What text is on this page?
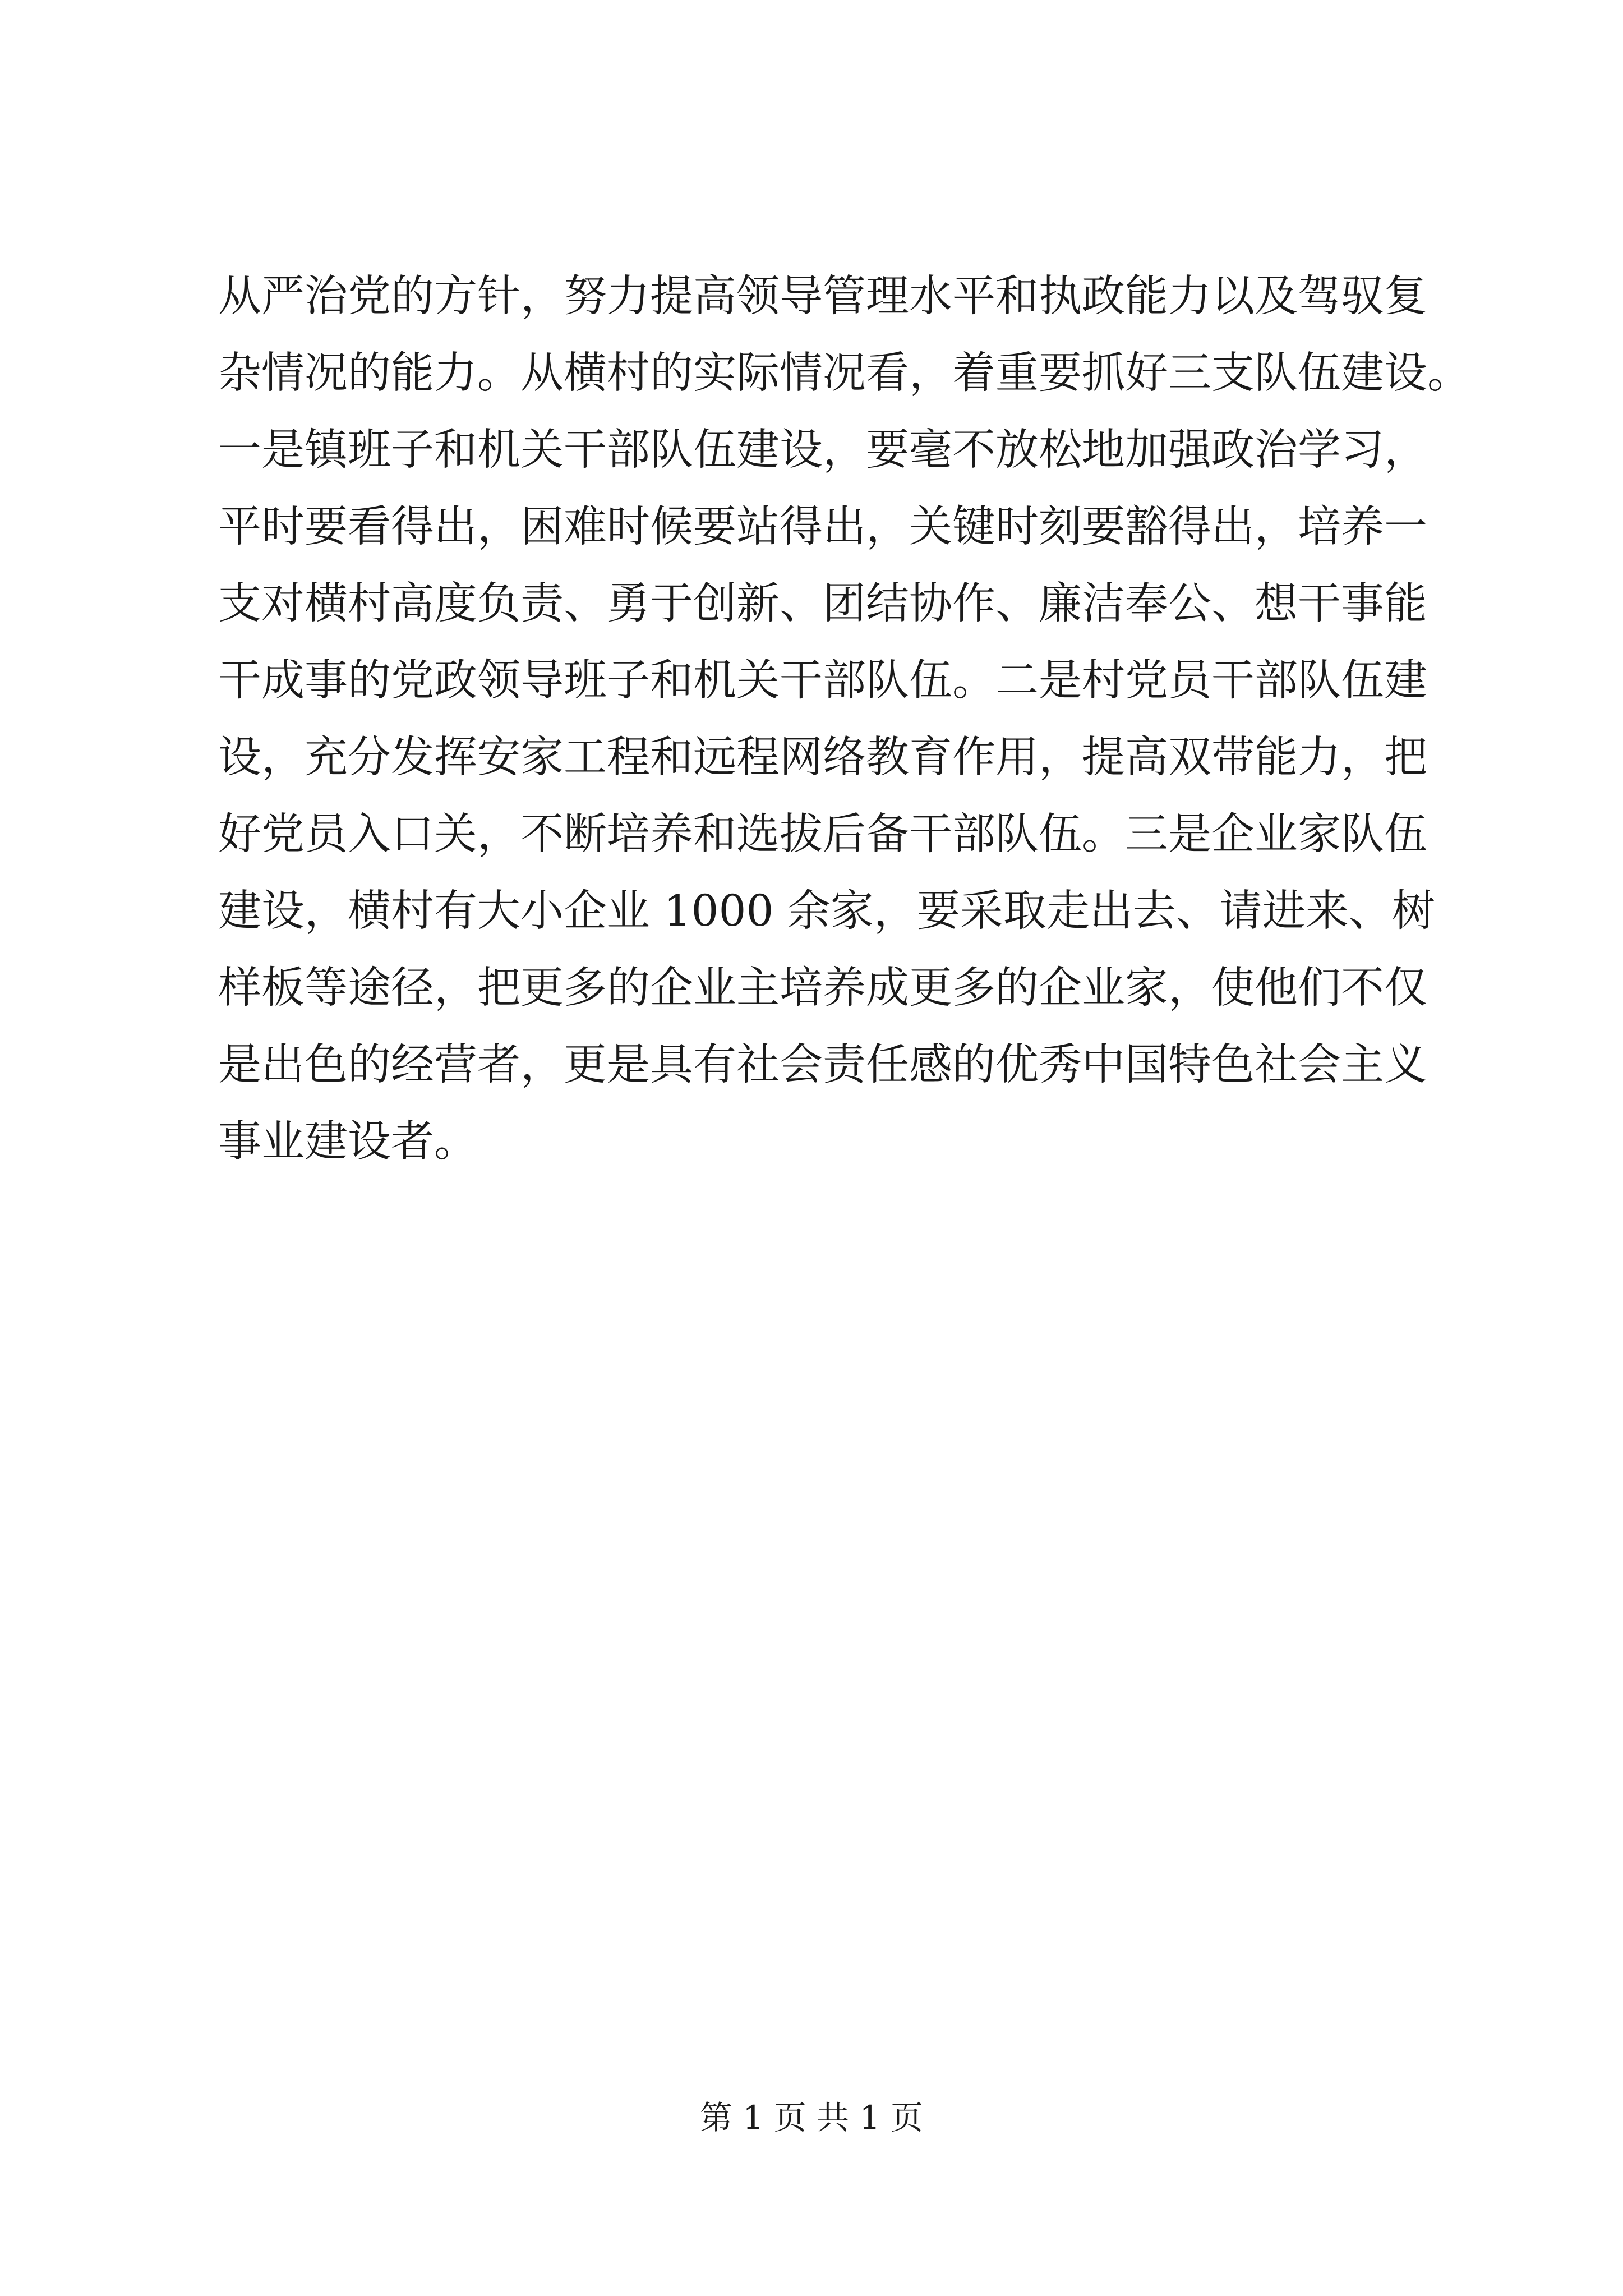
从严治党的方针，努力提高领导管理水平和执政能力以及驾驭复
杂情况的能力。从横村的实际情况看，着重要抓好三支队伍建设。
一是镇班子和机关干部队伍建设，要毫不放松地加强政治学习，
平时要看得出，困难时候要站得出，关键时刻要豁得出，培养一
支对横村高度负责、勇于创新、团结协作、廉洁奉公、想干事能
干成事的党政领导班子和机关干部队伍。二是村党员干部队伍建
设，充分发挥安家工程和远程网络教育作用，提高双带能力，把
好党员入口关，不断培养和选拔后备干部队伍。三是企业家队伍
建设，横村有大小企业 1000 余家，要采取走出去、请进来、树
样板等途径，把更多的企业主培养成更多的企业家，使他们不仅
是出色的经营者，更是具有社会责任感的优秀中国特色社会主义
事业建设者。
第 1 页 共 1 页
